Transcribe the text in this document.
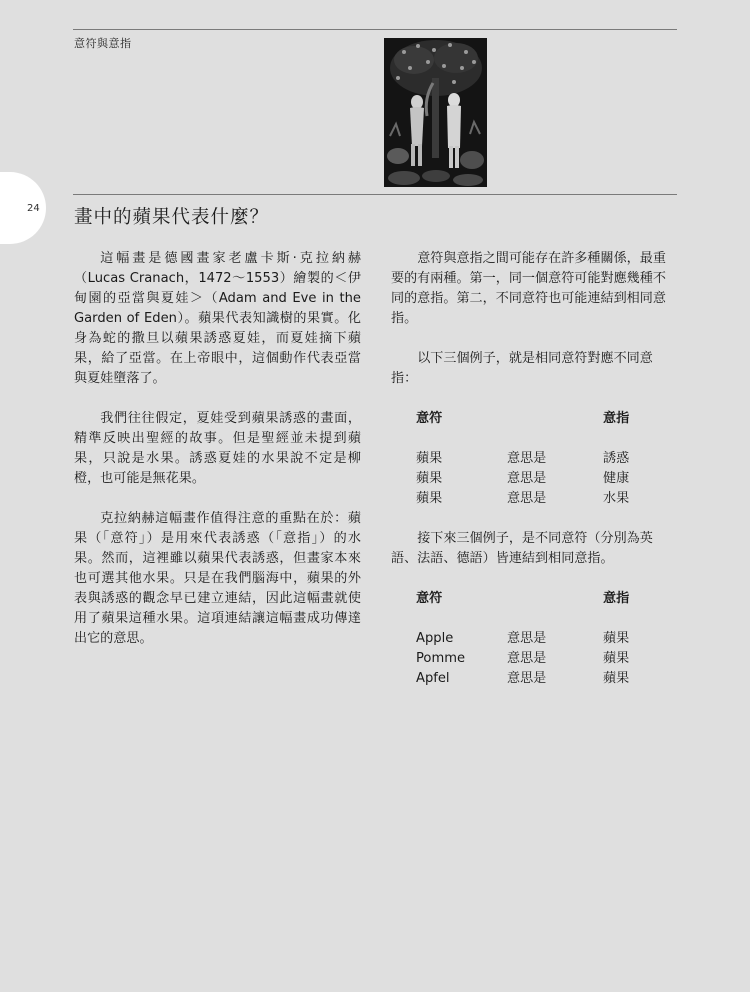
意符與意指
24 畫中的蘋果代表什麼？

這幅畫是德國畫家老盧卡斯·克拉納赫（Lucas Cranach，1472～1553）繪製的＜伊甸園的亞當與夏娃＞（Adam and Eve in the Garden of Eden）。蘋果代表知識樹的果實。化身為蛇的撒旦以蘋果誘惑夏娃，而夏娃摘下蘋果，給了亞當。在上帝眼中，這個動作代表亞當與夏娃墮落了。

我們往往假定，夏娃受到蘋果誘惑的畫面，精準反映出聖經的故事。但是聖經並未提到蘋果，只說是水果。誘惑夏娃的水果說不定是柳橙，也可能是無花果。

克拉納赫這幅畫作值得注意的重點在於：蘋果（「意符」）是用來代表誘惑（「意指」）的水果。然而，這裡雖以蘋果代表誘惑，但畫家本來也可選其他水果。只是在我們腦海中，蘋果的外表與誘惑的觀念早已建立連結，因此這幅畫就使用了蘋果這種水果。這項連結讓這幅畫成功傳達出它的意思。

意符與意指之間可能存在許多種關係，最重要的有兩種。第一，同一個意符可能對應幾種不同的意指。第二，不同意符也可能連結到相同意指。

以下三個例子，就是相同意符對應不同意指：

意符	意指
蘋果	意思是	誘惑
蘋果	意思是	健康
蘋果	意思是	水果

接下來三個例子，是不同意符（分別為英語、法語、德語）皆連結到相同意指。

意符	意指
Apple	意思是	蘋果
Pomme	意思是	蘋果
Apfel	意思是	蘋果
